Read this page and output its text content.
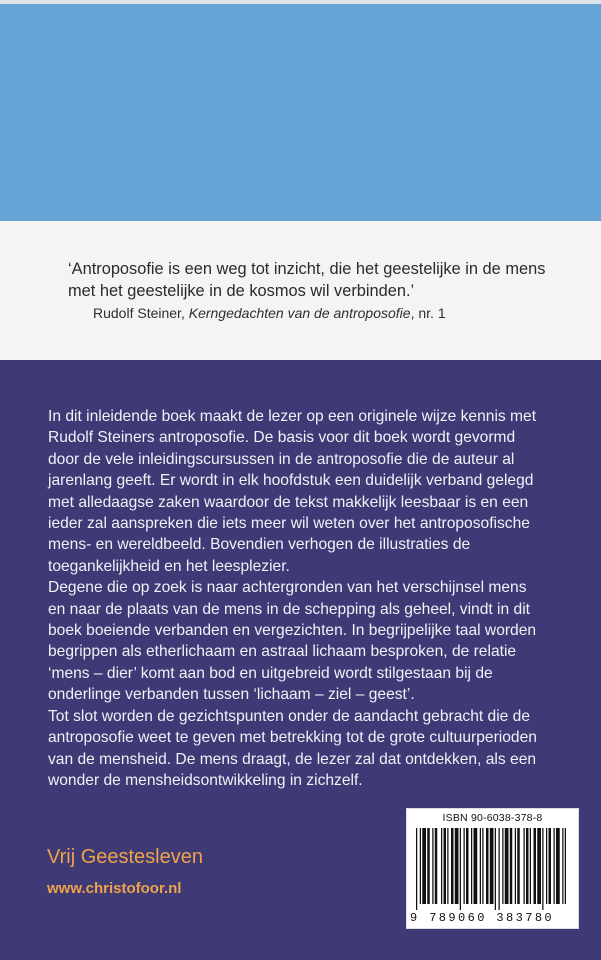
‘Antroposofie is een weg tot inzicht, die het geestelijke in de mens met het geestelijke in de kosmos wil verbinden.’
Rudolf Steiner, Kerngedachten van de antroposofie, nr. 1

In dit inleidende boek maakt de lezer op een originele wijze kennis met Rudolf Steiners antroposofie. De basis voor dit boek wordt gevormd door de vele inleidingscursussen in de antroposofie die de auteur al jarenlang geeft. Er wordt in elk hoofdstuk een duidelijk verband gelegd met alledaagse zaken waardoor de tekst makkelijk leesbaar is en een ieder zal aanspreken die iets meer wil weten over het antroposofische mens- en wereldbeeld. Bovendien verhogen de illustraties de toegankelijkheid en het leesplezier.

Degene die op zoek is naar achtergronden van het verschijnsel mens en naar de plaats van de mens in de schepping als geheel, vindt in dit boek boeiende verbanden en vergezichten. In begrijpelijke taal worden begrippen als etherlichaam en astraal lichaam besproken, de relatie ‘mens – dier’ komt aan bod en uitgebreid wordt stilgestaan bij de onderlinge verbanden tussen ‘lichaam – ziel – geest’.

Tot slot worden de gezichtspunten onder de aandacht gebracht die de antroposofie weet te geven met betrekking tot de grote cultuurperioden van de mensheid. De mens draagt, de lezer zal dat ontdekken, als een wonder de mensheidsontwikkeling in zichzelf.

Vrij Geestesleven
www.christofoor.nl
ISBN 90-6038-378-8
9 789060 383780
